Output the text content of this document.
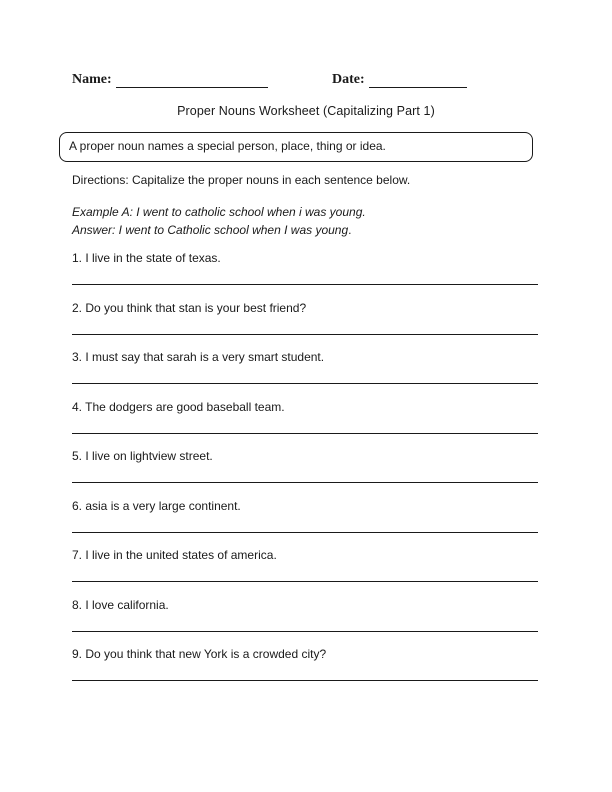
Name:	Date:
Proper Nouns Worksheet (Capitalizing Part 1)
A proper noun names a special person, place, thing or idea.
Directions: Capitalize the proper nouns in each sentence below.
Example A: I went to catholic school when i was young.
Answer: I went to Catholic school when I was young.
1. I live in the state of texas.
2. Do you think that stan is your best friend?
3. I must say that sarah is a very smart student.
4. The dodgers are good baseball team.
5. I live on lightview street.
6. asia is a very large continent.
7. I live in the united states of america.
8. I love california.
9. Do you think that new York is a crowded city?
